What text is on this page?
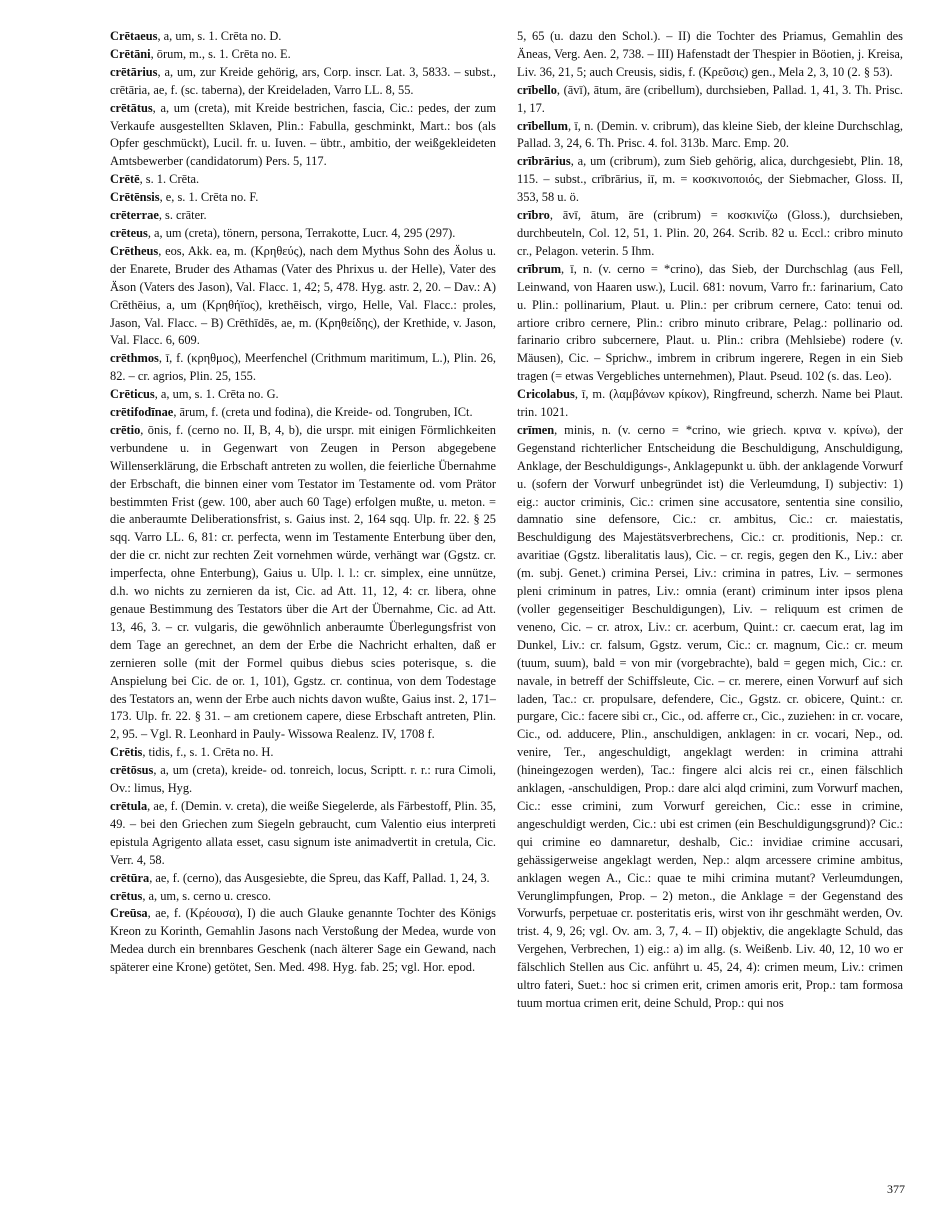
Crētaeus, a, um, s. 1. Crēta no. D.

Crētāni, ōrum, m., s. 1. Crēta no. E.

crētārius, a, um, zur Kreide gehörig, ars, Corp. inscr. Lat. 3, 5833. – subst., crētāria, ae, f. (sc. taberna), der Kreideladen, Varro LL. 8, 55.

crētātus, a, um (creta), mit Kreide bestrichen, fascia, Cic.: pedes, der zum Verkaufe ausgestellten Sklaven, Plin.: Fabulla, geschminkt, Mart.: bos (als Opfer geschmückt), Lucil. fr. u. Iuven. – übtr., ambitio, der weißgekleideten Amtsbewerber (candidatorum) Pers. 5, 117.

Crētē, s. 1. Crēta.

Crētēnsis, e, s. 1. Crēta no. F.

crēterrae, s. crāter.

crēteus, a, um (creta), tönern, persona, Terrakotte, Lucr. 4, 295 (297).

Crētheus, eos, Akk. ea, m. (Κρηθεύς), nach dem Mythus Sohn des Äolus u. der Enarete, Bruder des Athamas (Vater des Phrixus u. der Helle), Vater des Äson (Vaters des Jason), Val. Flacc. 1, 42; 5, 478. Hyg. astr. 2, 20. – Dav.: A) Crēthēius, a, um (Κρηθήϊος), krethēisch, virgo, Helle, Val. Flacc.: proles, Jason, Val. Flacc. – B) Crēthīdēs, ae, m. (Κρηθείδης), der Krethide, v. Jason, Val. Flacc. 6, 609.

crēthmos, ī, f. (κρηθμος), Meerfenchel (Crithmum maritimum, L.), Plin. 26, 82. – cr. agrios, Plin. 25, 155.

Crēticus, a, um, s. 1. Crēta no. G.

crētifodīnae, ārum, f. (creta und fodina), die Kreide- od. Tongruben, ICt.

crētio, ōnis, f. (cerno no. II, B, 4, b), die urspr. mit einigen Förmlichkeiten verbundene u. in Gegenwart von Zeugen in Person abgegebene Willenserklärung, die Erbschaft antreten zu wollen, die feierliche Übernahme der Erbschaft, die binnen einer vom Testator im Testamente od. vom Prätor bestimmten Frist (gew. 100, aber auch 60 Tage) erfolgen mußte, u. meton. = die anberaumte Deliberationsfrist, s. Gaius inst. 2, 164 sqq. Ulp. fr. 22. § 25 sqq. Varro LL. 6, 81: cr. perfecta, wenn im Testamente Enterbung über den, der die cr. nicht zur rechten Zeit vornehmen würde, verhängt war (Ggstz. cr. imperfecta, ohne Enterbung), Gaius u. Ulp. l. l.: cr. simplex, eine unnütze, d.h. wo nichts zu zernieren da ist, Cic. ad Att. 11, 12, 4: cr. libera, ohne genaue Bestimmung des Testators über die Art der Übernahme, Cic. ad Att. 13, 46, 3. – cr. vulgaris, die gewöhnlich anberaumte Überlegungsfrist von dem Tage an gerechnet, an dem der Erbe die Nachricht erhalten, daß er zernieren solle (mit der Formel quibus diebus scies poterisque, s. die Anspielung bei Cic. de or. 1, 101), Ggstz. cr. continua, von dem Todestage des Testators an, wenn der Erbe auch nichts davon wußte, Gaius inst. 2, 171–173. Ulp. fr. 22. § 31. – am cretionem capere, diese Erbschaft antreten, Plin. 2, 95. – Vgl. R. Leonhard in Pauly- Wissowa Realenz. IV, 1708 f.

Crētis, tidis, f., s. 1. Crēta no. H.

crētōsus, a, um (creta), kreide- od. tonreich, locus, Scriptt. r. r.: rura Cimoli, Ov.: limus, Hyg.

crētula, ae, f. (Demin. v. creta), die weiße Siegelerde, als Färbestoff, Plin. 35, 49. – bei den Griechen zum Siegeln gebraucht, cum Valentio eius interpreti epistula Agrigento allata esset, casu signum iste animadvertit in cretula, Cic. Verr. 4, 58.

crētūra, ae, f. (cerno), das Ausgesiebte, die Spreu, das Kaff, Pallad. 1, 24, 3.

crētus, a, um, s. cerno u. cresco.

Creūsa, ae, f. (Κρέουσα), I) die auch Glauke genannte Tochter des Königs Kreon zu Korinth, Gemahlin Jasons nach Verstoßung der Medea, wurde von Medea durch ein brennbares Geschenk (nach älterer Sage ein Gewand, nach späterer eine Krone) getötet, Sen. Med. 498. Hyg. fab. 25; vgl. Hor. epod.

5, 65 (u. dazu den Schol.). – II) die Tochter des Priamus, Gemahlin des Äneas, Verg. Aen. 2, 738. – III) Hafenstadt der Thespier in Böotien, j. Kreisa, Liv. 36, 21, 5; auch Creusis, sidis, f. (Κρεῦσις) gen., Mela 2, 3, 10 (2. § 53).

crībello, (āvī), ātum, āre (cribellum), durchsieben, Pallad. 1, 41, 3. Th. Prisc. 1, 17.

crībellum, ī, n. (Demin. v. cribrum), das kleine Sieb, der kleine Durchschlag, Pallad. 3, 24, 6. Th. Prisc. 4. fol. 313b. Marc. Emp. 20.

crībrārius, a, um (cribrum), zum Sieb gehörig, alica, durchgesiebt, Plin. 18, 115. – subst., crībrārius, iī, m. = κοσκινοποιός, der Siebmacher, Gloss. II, 353, 58 u. ö.

crībro, āvī, ātum, āre (cribrum) = κοσκινίζω (Gloss.), durchsieben, durchbeuteln, Col. 12, 51, 1. Plin. 20, 264. Scrib. 82 u. Eccl.: cribro minuto cr., Pelagon. veterin. 5 Ihm.

crībrum, ī, n. (v. cerno = *crino), das Sieb, der Durchschlag (aus Fell, Leinwand, von Haaren usw.), Lucil. 681: novum, Varro fr.: farinarium, Cato u. Plin.: pollinarium, Plaut. u. Plin.: per cribrum cernere, Cato: tenui od. artiore cribro cernere, Plin.: cribro minuto cribrare, Pelag.: pollinario od. farinario cribro subcernere, Plaut. u. Plin.: cribra (Mehlsiebe) rodere (v. Mäusen), Cic. – Sprichw., imbrem in cribrum ingerere, Regen in ein Sieb tragen (= etwas Vergebliches unternehmen), Plaut. Pseud. 102 (s. das. Leo).

Cricolabus, ī, m. (λαμβάνων κρίκον), Ringfreund, scherzh. Name bei Plaut. trin. 1021.

crīmen, minis, n. (v. cerno = *crino, wie griech. κρινα v. κρίνω), der Gegenstand richterlicher Entscheidung die Beschuldigung, Anschuldigung, Anklage, der Beschuldigungs-, Anklagepunkt u. übh. der anklagende Vorwurf u. (sofern der Vorwurf unbegründet ist) die Verleumdung, I) subjectiv: 1) eig.: auctor criminis, Cic.: crimen sine accusatore, sententia sine consilio, damnatio sine defensore, Cic.: cr. ambitus, Cic.: cr. maiestatis, Beschuldigung des Majestätsverbrechens, Cic.: cr. proditionis, Nep.: cr. avaritiae (Ggstz. liberalitatis laus), Cic. – cr. regis, gegen den K., Liv.: aber (m. subj. Genet.) crimina Persei, Liv.: crimina in patres, Liv. – sermones pleni criminum in patres, Liv.: omnia (erant) criminum inter ipsos plena (voller gegenseitiger Beschuldigungen), Liv. – reliquum est crimen de veneno, Cic. – cr. atrox, Liv.: cr. acerbum, Quint.: cr. caecum erat, lag im Dunkel, Liv.: cr. falsum, Ggstz. verum, Cic.: cr. magnum, Cic.: cr. meum (tuum, suum), bald = von mir (vorgebrachte), bald = gegen mich, Cic.: cr. navale, in betreff der Schiffsleute, Cic. – cr. merere, einen Vorwurf auf sich laden, Tac.: cr. propulsare, defendere, Cic., Ggstz. cr. obicere, Quint.: cr. purgare, Cic.: facere sibi cr., Cic., od. afferre cr., Cic., zuziehen: in cr. vocare, Cic., od. adducere, Plin., anschuldigen, anklagen: in cr. vocari, Nep., od. venire, Ter., angeschuldigt, angeklagt werden: in crimina attrahi (hineingezogen werden), Tac.: fingere alci alcis rei cr., einen fälschlich anklagen, -anschuldigen, Prop.: dare alci alqd crimini, zum Vorwurf machen, Cic.: esse crimini, zum Vorwurf gereichen, Cic.: esse in crimine, angeschuldigt werden, Cic.: ubi est crimen (ein Beschuldigungsgrund)? Cic.: qui crimine eo damnaretur, deshalb, Cic.: invidiae crimine accusari, gehässigerweise angeklagt werden, Nep.: alqm arcessere crimine ambitus, anklagen wegen A., Cic.: quae te mihi crimina mutant? Verleumdungen, Verunglimpfungen, Prop. – 2) meton., die Anklage = der Gegenstand des Vorwurfs, perpetuae cr. posteritatis eris, wirst von ihr geschmäht werden, Ov. trist. 4, 9, 26; vgl. Ov. am. 3, 7, 4. – II) objektiv, die angeklagte Schuld, das Vergehen, Verbrechen, 1) eig.: a) im allg. (s. Weißenb. Liv. 40, 12, 10 wo er fälschlich Stellen aus Cic. anführt u. 45, 24, 4): crimen meum, Liv.: crimen ultro fateri, Suet.: hoc si crimen erit, crimen amoris erit, Prop.: tam formosa tuum mortua crimen erit, deine Schuld, Prop.: qui nos

377
